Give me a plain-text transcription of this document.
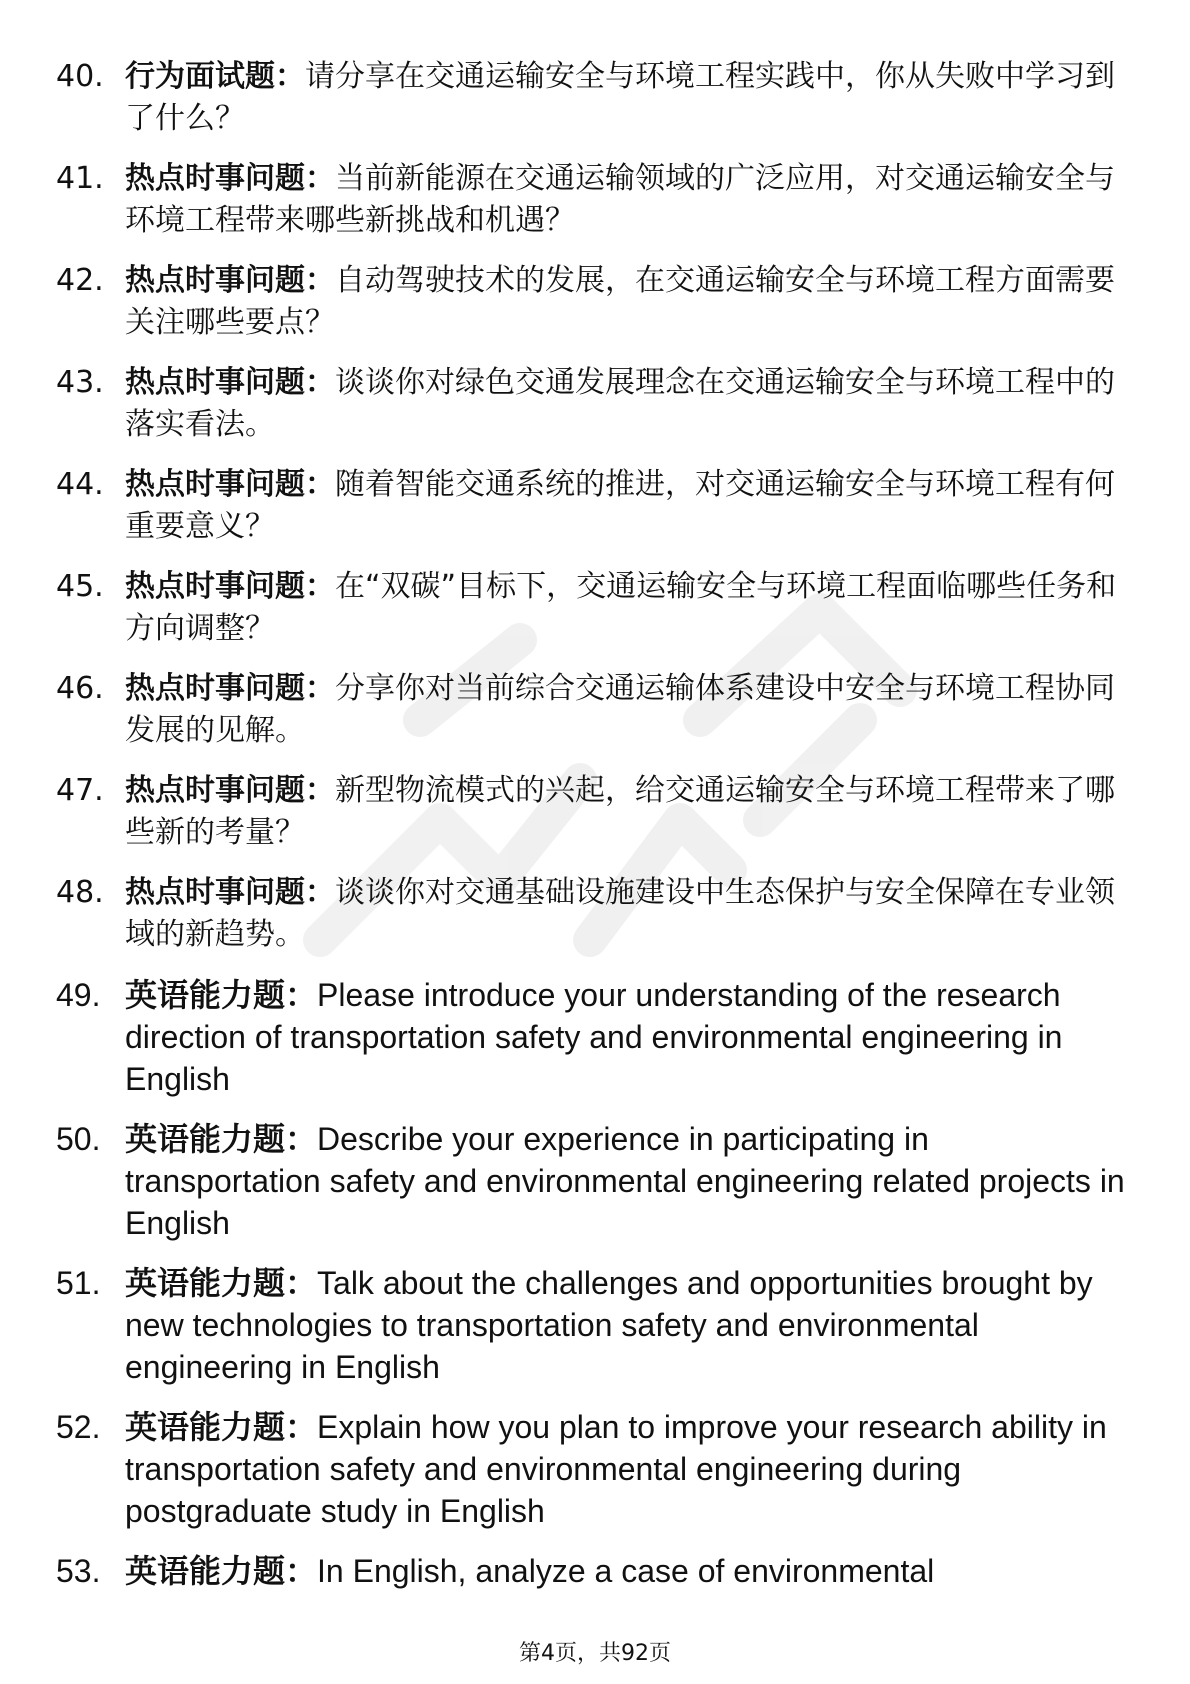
40. 行为面试题：请分享在交通运输安全与环境工程实践中，你从失败中学习到了什么？
41. 热点时事问题：当前新能源在交通运输领域的广泛应用，对交通运输安全与环境工程带来哪些新挑战和机遇？
42. 热点时事问题：自动驾驶技术的发展，在交通运输安全与环境工程方面需要关注哪些要点？
43. 热点时事问题：谈谈你对绿色交通发展理念在交通运输安全与环境工程中的落实看法。
44. 热点时事问题：随着智能交通系统的推进，对交通运输安全与环境工程有何重要意义？
45. 热点时事问题：在“双碳”目标下，交通运输安全与环境工程面临哪些任务和方向调整？
46. 热点时事问题：分享你对当前综合交通运输体系建设中安全与环境工程协同发展的见解。
47. 热点时事问题：新型物流模式的兴起，给交通运输安全与环境工程带来了哪些新的考量？
48. 热点时事问题：谈谈你对交通基础设施建设中生态保护与安全保障在专业领域的新趋势。
49. 英语能力题：Please introduce your understanding of the research direction of transportation safety and environmental engineering in English
50. 英语能力题：Describe your experience in participating in transportation safety and environmental engineering related projects in English
51. 英语能力题：Talk about the challenges and opportunities brought by new technologies to transportation safety and environmental engineering in English
52. 英语能力题：Explain how you plan to improve your research ability in transportation safety and environmental engineering during postgraduate study in English
53. 英语能力题：In English, analyze a case of environmental
第4页，共92页
